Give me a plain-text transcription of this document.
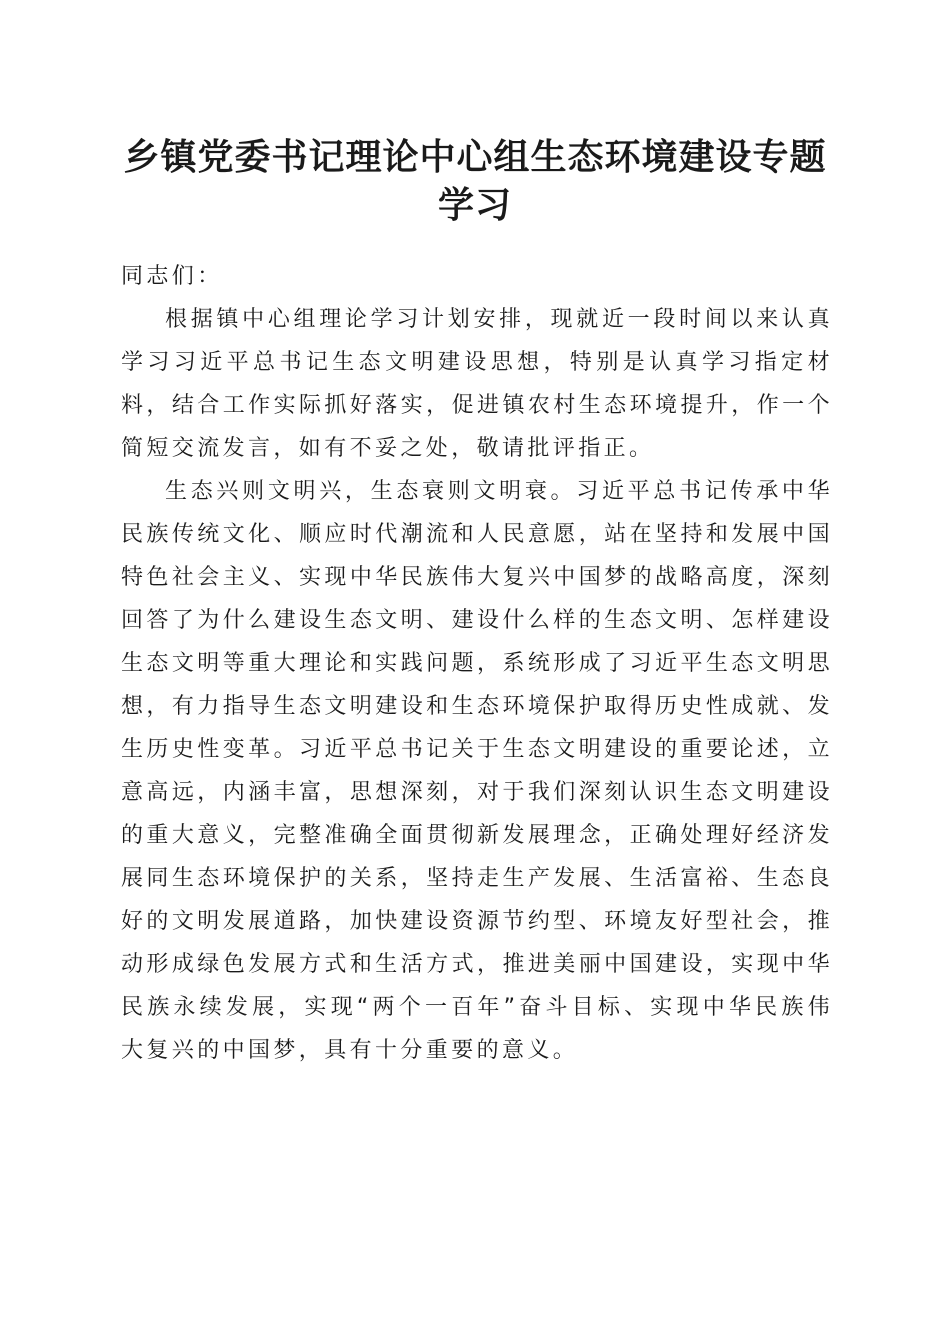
乡镇党委书记理论中心组生态环境建设专题学习

同志们：

根据镇中心组理论学习计划安排，现就近一段时间以来认真学习习近平总书记生态文明建设思想，特别是认真学习指定材料，结合工作实际抓好落实，促进镇农村生态环境提升，作一个简短交流发言，如有不妥之处，敬请批评指正。

生态兴则文明兴，生态衰则文明衰。习近平总书记传承中华民族传统文化、顺应时代潮流和人民意愿，站在坚持和发展中国特色社会主义、实现中华民族伟大复兴中国梦的战略高度，深刻回答了为什么建设生态文明、建设什么样的生态文明、怎样建设生态文明等重大理论和实践问题，系统形成了习近平生态文明思想，有力指导生态文明建设和生态环境保护取得历史性成就、发生历史性变革。习近平总书记关于生态文明建设的重要论述，立意高远，内涵丰富，思想深刻，对于我们深刻认识生态文明建设的重大意义，完整准确全面贯彻新发展理念，正确处理好经济发展同生态环境保护的关系，坚持走生产发展、生活富裕、生态良好的文明发展道路，加快建设资源节约型、环境友好型社会，推动形成绿色发展方式和生活方式，推进美丽中国建设，实现中华民族永续发展，实现“两个一百年”奋斗目标、实现中华民族伟大复兴的中国梦，具有十分重要的意义。
